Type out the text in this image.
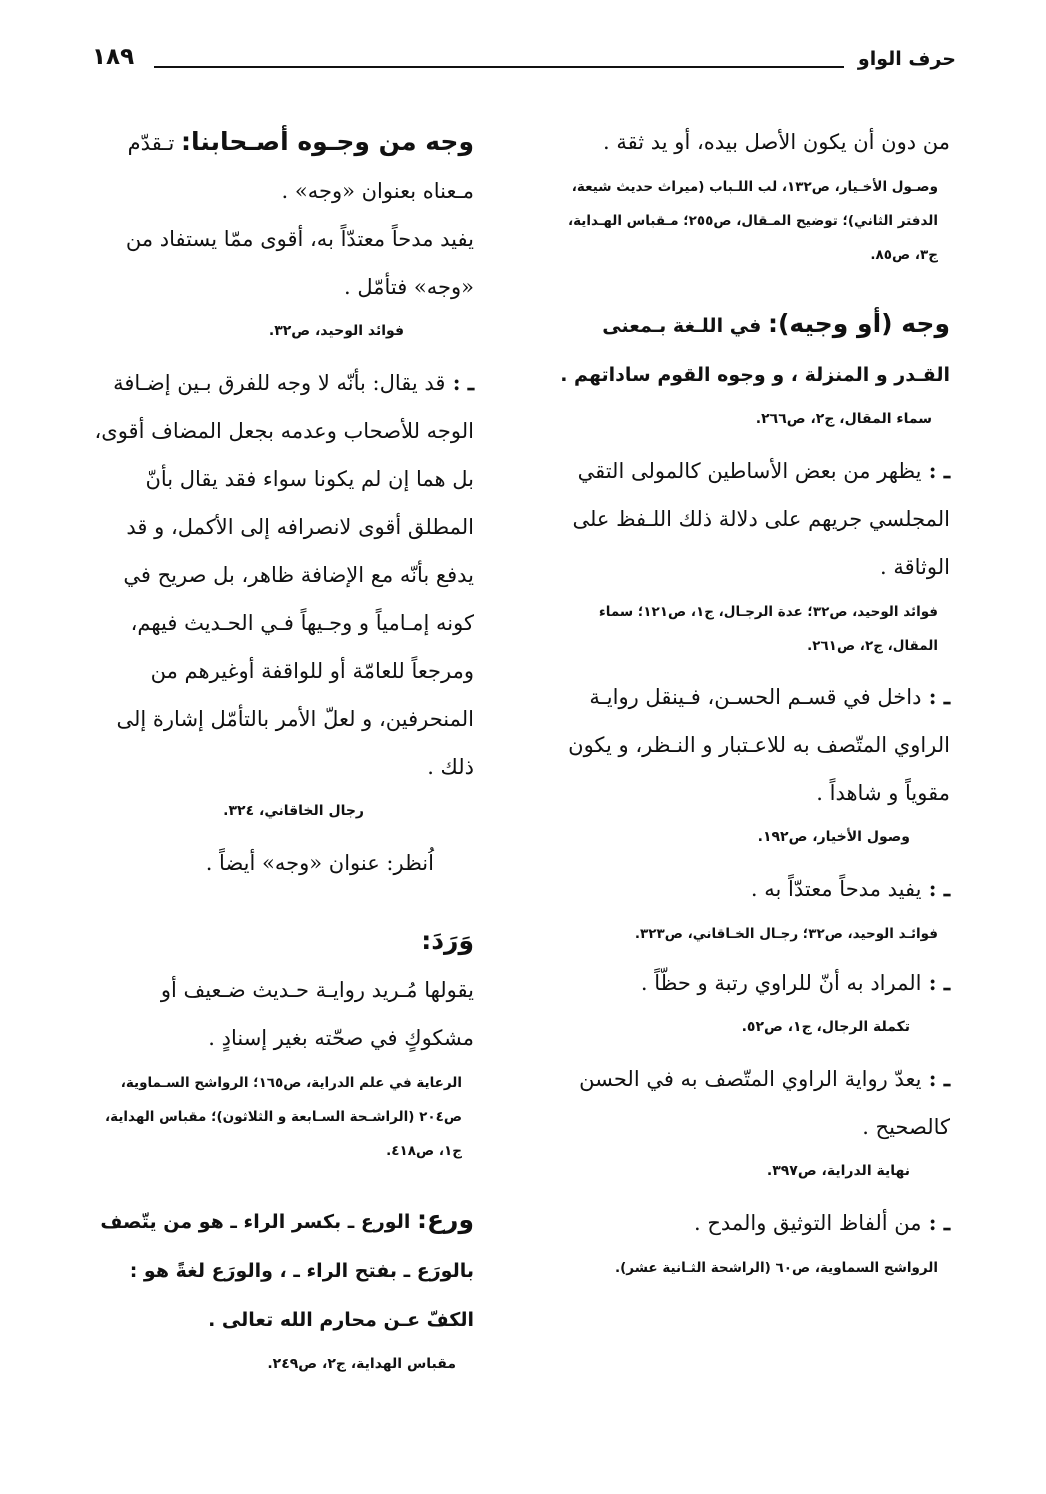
حرف الواو
١٨٩

من دون أن يكون الأصل بيده، أو يد ثقة .

وصـول الأخـيار، ص١٣٢، لب اللـباب (ميراث حديث شيعة، الدفتر الثاني)؛ توضيح المـقال، ص٢٥٥؛ مـقباس الهـداية، ج٣، ص٨٥.

وجه (أو وجيه): في اللـغة بـمعنى القـدر و المنزلة ، و وجوه القوم ساداتهم .

سماء المقال، ج٢، ص٢٦٦.

ـ : يظهر من بعض الأساطين كالمولى التقي المجلسي جريهم على دلالة ذلك اللـفظ على الوثاقة .

فوائد الوحيد، ص٣٢؛ عدة الرجـال، ج١، ص١٢١؛ سماء المقال، ج٢، ص٢٦١.

ـ : داخل في قسـم الحسـن، فـينقل روايـة الراوي المتّصف به للاعـتبار و النـظر، و يكون مقوياً و شاهداً .

وصول الأخيار، ص١٩٢.

ـ : يفيد مدحاً معتدّاً به .

فوائـد الوحيد، ص٣٢؛ رجـال الخـاقاني، ص٣٢٣.

ـ : المراد به أنّ للراوي رتبة و حظّاً .

تكملة الرجال، ج١، ص٥٢.

ـ : يعدّ رواية الراوي المتّصف به في الحسن كالصحيح .

نهاية الدراية، ص٣٩٧.

ـ : من ألفاظ التوثيق والمدح .

الرواشح السماوية، ص٦٠ (الراشحة الثـانية عشر).

وجه من وجـوه أصـحابنا: تـقدّم مـعناه بعنوان «وجه» .

يفيد مدحاً معتدّاً به، أقوى ممّا يستفاد من «وجه» فتأمّل .

فوائد الوحيد، ص٣٢.

ـ : قد يقال: بأنّه لا وجه للفرق بـين إضـافة الوجه للأصحاب وعدمه بجعل المضاف أقوى، بل هما إن لم يكونا سواء فقد يقال بأنّ المطلق أقوى لانصرافه إلى الأكمل، و قد يدفع بأنّه مع الإضافة ظاهر، بل صريح في كونه إمـامياً و وجـيهاً فـي الحـديث فيهم، ومرجعاً للعامّة أو للواقفة أوغيرهم من المنحرفين، و لعلّ الأمر بالتأمّل إشارة إلى ذلك .

رجال الخاقاني، ٣٢٤.

اُنظر: عنوان «وجه» أيضاً .

وَرَدَ:

يقولها مُـريد روايـة حـديث ضـعيف أو مشكوكٍ في صحّته بغير إسنادٍ .

الرعاية في علم الدراية، ص١٦٥؛ الرواشح السـماوية، ص٢٠٤ (الراشـحة السـابعة و الثلاثون)؛ مقباس الهداية، ج١، ص٤١٨.

ورع: الورع ـ بكسر الراء ـ هو من يتّصف بالورَع ـ بفتح الراء ـ ، والورَع لغةً هو : الكفّ عـن محارم الله تعالى .

مقباس الهداية، ج٢، ص٢٤٩.
